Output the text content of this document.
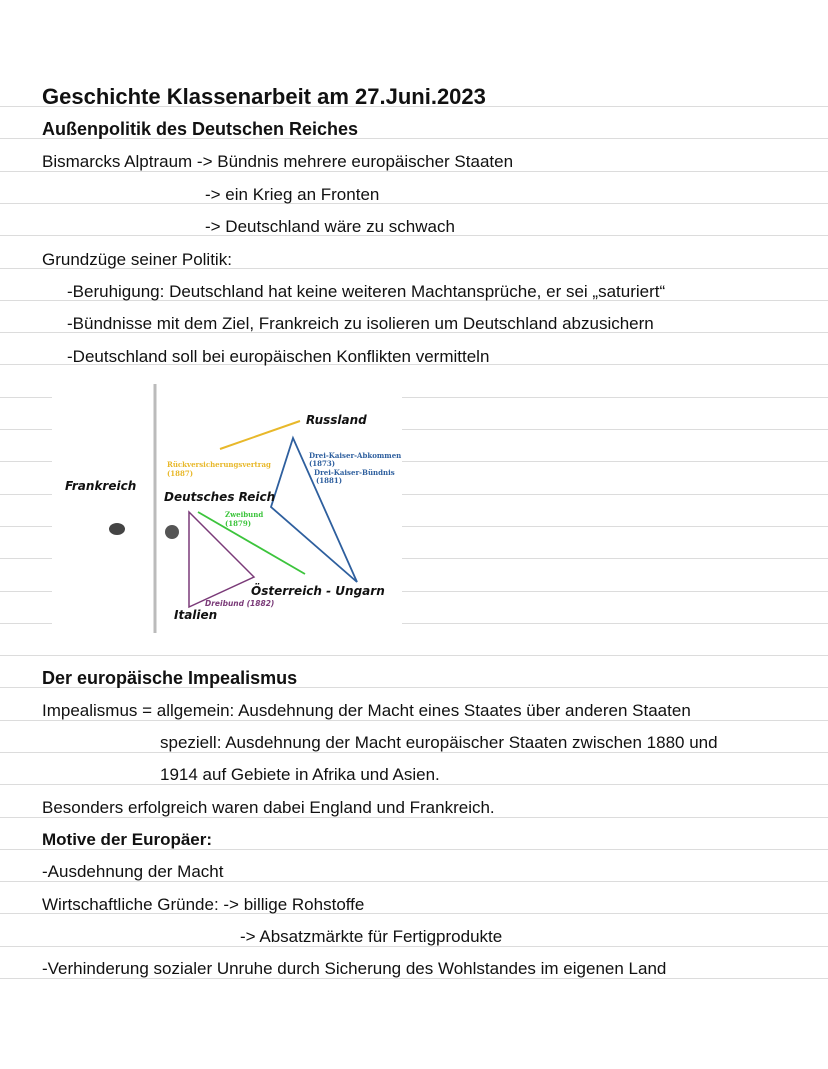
Geschichte Klassenarbeit am 27.Juni.2023
Außenpolitik des Deutschen Reiches
Bismarcks Alptraum -> Bündnis mehrere europäischer Staaten
-> ein Krieg an Fronten
-> Deutschland wäre zu schwach
Grundzüge seiner Politik:
-Beruhigung: Deutschland hat keine weiteren Machtansprüche, er sei „saturiert“
-Bündnisse mit dem Ziel, Frankreich zu isolieren um Deutschland abzusichern
-Deutschland soll bei europäischen Konflikten vermitteln
Russland
Frankreich
Deutsches Reich
Österreich - Ungarn
Italien
Rückversicherungsvertrag
(1887)
Drei-Kaiser-Abkommen
(1873)
Drei-Kaiser-Bündnis
(1881)
Zweibund
(1879)
Dreibund (1882)
Der europäische Impealismus
Impealismus = allgemein: Ausdehnung der Macht eines Staates über anderen Staaten
speziell: Ausdehnung der Macht europäischer Staaten zwischen 1880 und
1914 auf Gebiete in Afrika und Asien.
Besonders erfolgreich waren dabei England und Frankreich.
Motive der Europäer:
-Ausdehnung der Macht
Wirtschaftliche Gründe: -> billige Rohstoffe
-> Absatzmärkte für Fertigprodukte
-Verhinderung sozialer Unruhe durch Sicherung des Wohlstandes im eigenen Land
